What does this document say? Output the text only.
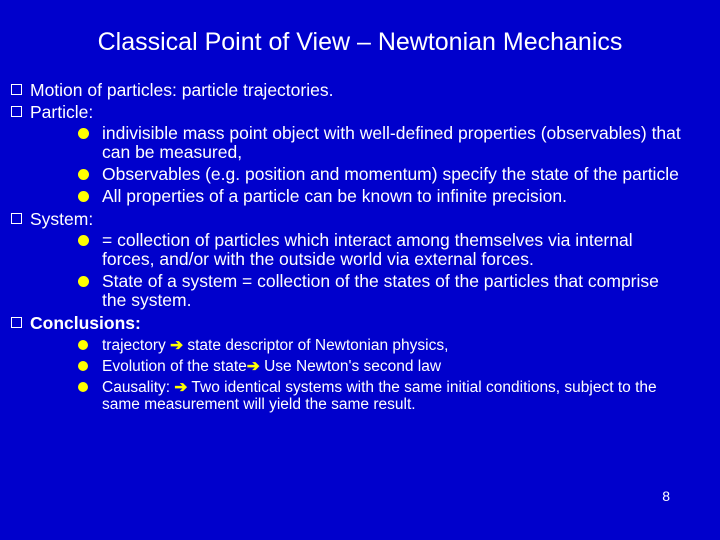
Classical Point of View – Newtonian Mechanics
Motion of particles: particle trajectories.
Particle:
indivisible mass point object with well-defined properties (observables) that can be measured,
Observables (e.g. position and momentum) specify the state of the particle
All properties of a particle can be known to infinite precision.
System:
= collection of particles which interact among themselves via internal forces, and/or with the outside world via external forces.
State of a system = collection of the states of the particles that comprise the system.
Conclusions:
trajectory ➔ state descriptor of Newtonian physics,
Evolution of the state➔ Use Newton's second law
Causality: ➔ Two identical systems with the same initial conditions, subject to the same measurement will yield the same result.
8
